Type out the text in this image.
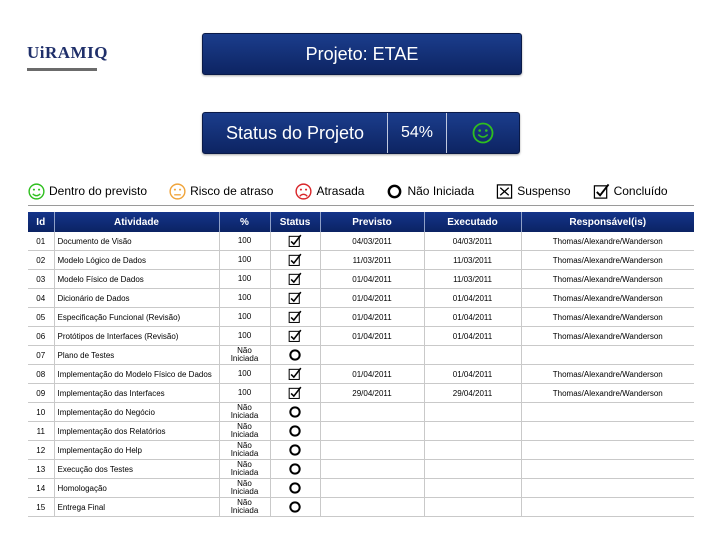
UiRAMIQ	Projeto: ETAE
Status do Projeto	54%
Dentro do previsto	Risco de atraso	Atrasada	Não Iniciada	Suspenso	Concluído
Id	Atividade	%	Status	Previsto	Executado	Responsável(is)
01	Documento de Visão	100		04/03/2011	04/03/2011	Thomas/Alexandre/Wanderson
02	Modelo Lógico de Dados	100		11/03/2011	11/03/2011	Thomas/Alexandre/Wanderson
03	Modelo Físico de Dados	100		01/04/2011	11/03/2011	Thomas/Alexandre/Wanderson
04	Dicionário de Dados	100		01/04/2011	01/04/2011	Thomas/Alexandre/Wanderson
05	Especificação Funcional (Revisão)	100		01/04/2011	01/04/2011	Thomas/Alexandre/Wanderson
06	Protótipos de Interfaces (Revisão)	100		01/04/2011	01/04/2011	Thomas/Alexandre/Wanderson
07	Plano de Testes	Não Iniciada				
08	Implementação do Modelo Físico de Dados	100		01/04/2011	01/04/2011	Thomas/Alexandre/Wanderson
09	Implementação das Interfaces	100		29/04/2011	29/04/2011	Thomas/Alexandre/Wanderson
10	Implementação do Negócio	Não Iniciada				
11	Implementação dos Relatórios	Não Iniciada				
12	Implementação do Help	Não Iniciada				
13	Execução dos Testes	Não Iniciada				
14	Homologação	Não Iniciada				
15	Entrega Final	Não Iniciada				
